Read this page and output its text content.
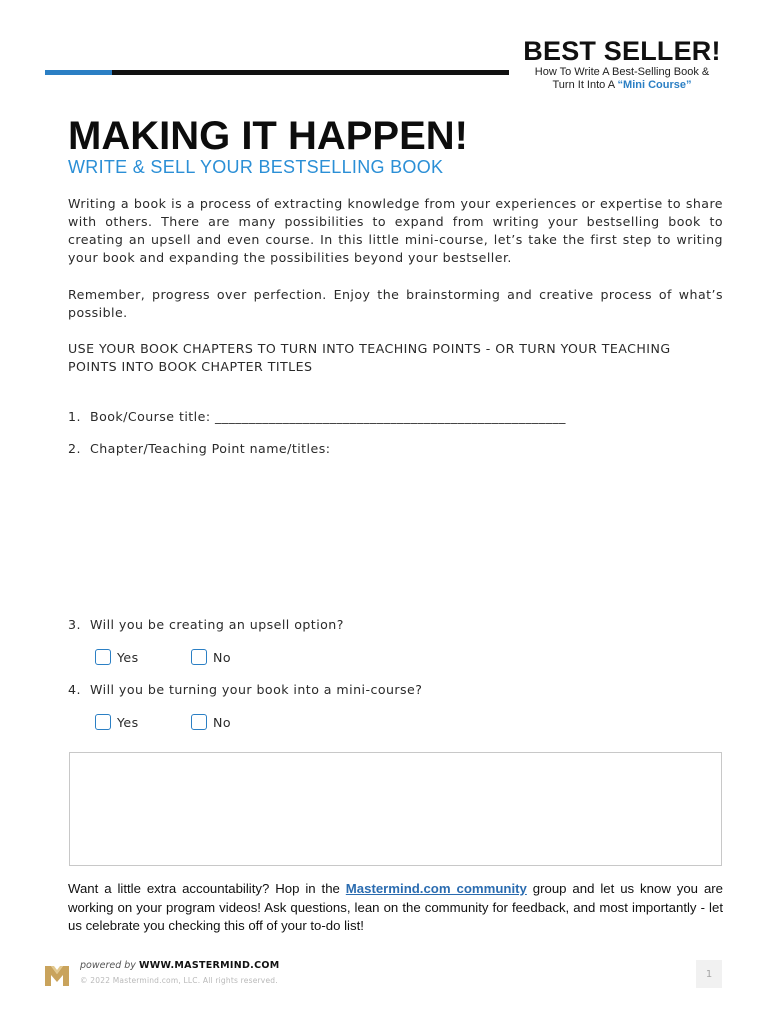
BEST SELLER!
How To Write A Best-Selling Book &
Turn It Into A “Mini Course”
MAKING IT HAPPEN!
WRITE & SELL YOUR BESTSELLING BOOK
Writing a book is a process of extracting knowledge from your experiences or expertise to share with others. There are many possibilities to expand from writing your bestselling book to creating an upsell and even course. In this little mini-course, let’s take the first step to writing your book and expanding the possibilities beyond your bestseller.
Remember, progress over perfection. Enjoy the brainstorming and creative process of what’s possible.
USE YOUR BOOK CHAPTERS TO TURN INTO TEACHING POINTS - OR TURN YOUR TEACHING POINTS INTO BOOK CHAPTER TITLES
1. Book/Course title: ____________________________________________________
2. Chapter/Teaching Point name/titles:
3. Will you be creating an upsell option?
Yes	No
4. Will you be turning your book into a mini-course?
Yes	No
Want a little extra accountability? Hop in the Mastermind.com community group and let us know you are working on your program videos! Ask questions, lean on the community for feedback, and most importantly - let us celebrate you checking this off of your to-do list!
powered by WWW.MASTERMIND.COM
© 2022 Mastermind.com, LLC. All rights reserved.
1
